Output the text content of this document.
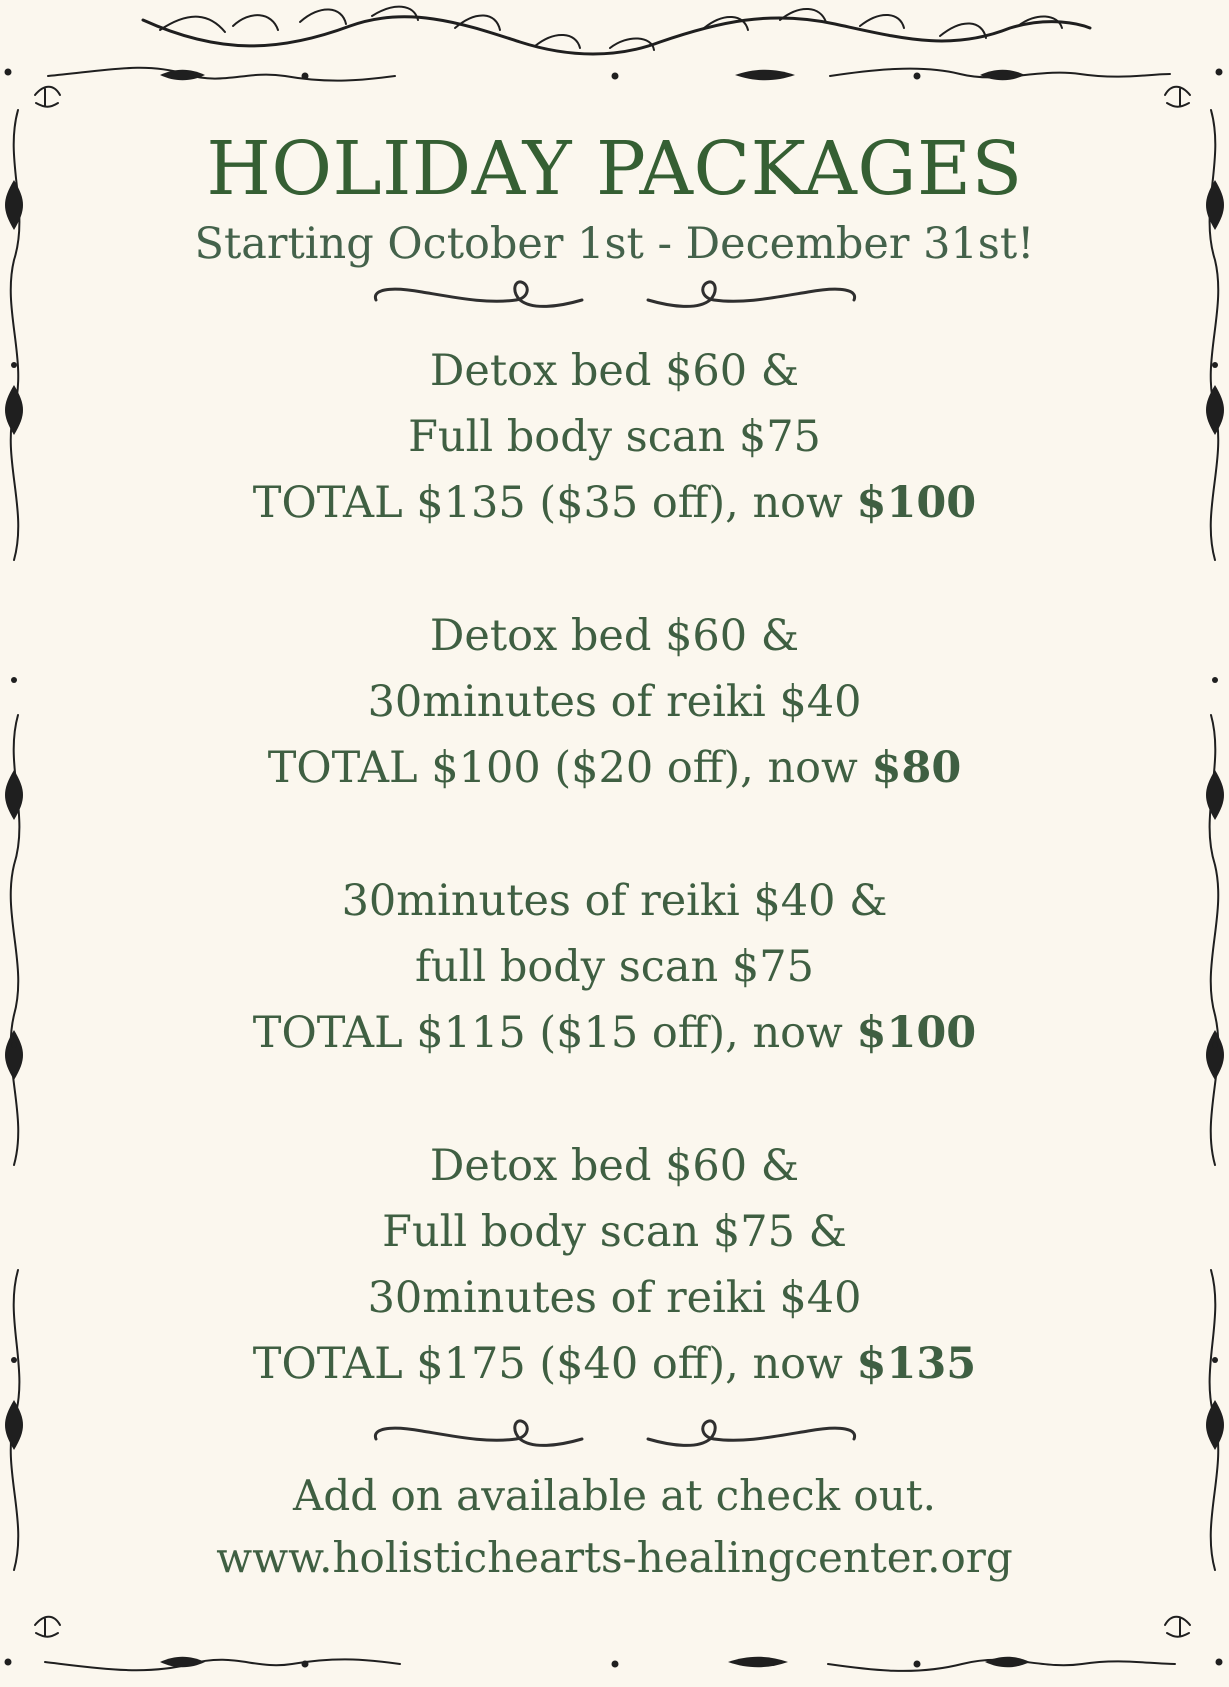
HOLIDAY PACKAGES
Starting October 1st - December 31st!
Detox bed $60 &
Full body scan $75
TOTAL $135 ($35 off), now $100
Detox bed $60 &
30minutes of reiki $40
TOTAL $100 ($20 off), now $80
30minutes of reiki $40 &
full body scan $75
TOTAL $115 ($15 off), now $100
Detox bed $60 &
Full body scan $75 &
30minutes of reiki $40
TOTAL $175 ($40 off), now $135
Add on available at check out.
www.holistichearts-healingcenter.org
